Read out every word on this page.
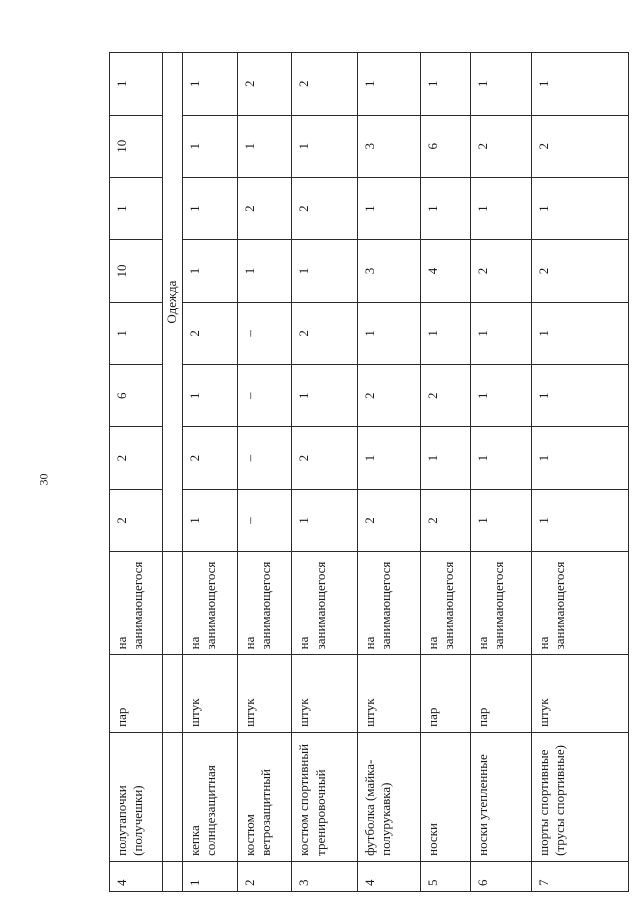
30
4	полутапочки (получешки)	пар	на занимающегося	2	2	6	1	10	1	10	1
				Одежда							
1	кепка солнцезащитная	штук	на занимающегося	1	2	1	2	1	1	1	1
2	костюм ветрозащитный	штук	на занимающегося	–	–	–	–	1	2	1	2
3	костюм спортивный тренировочный	штук	на занимающегося	1	2	1	2	1	2	1	2
4	футболка (майка-полурукавка)	штук	на занимающегося	2	1	2	1	3	1	3	1
5	носки	пар	на занимающегося	2	1	2	1	4	1	6	1
6	носки утепленные	пар	на занимающегося	1	1	1	1	2	1	2	1
7	шорты спортивные (трусы спортивные)	штук	на занимающегося	1	1	1	1	2	1	2	1
